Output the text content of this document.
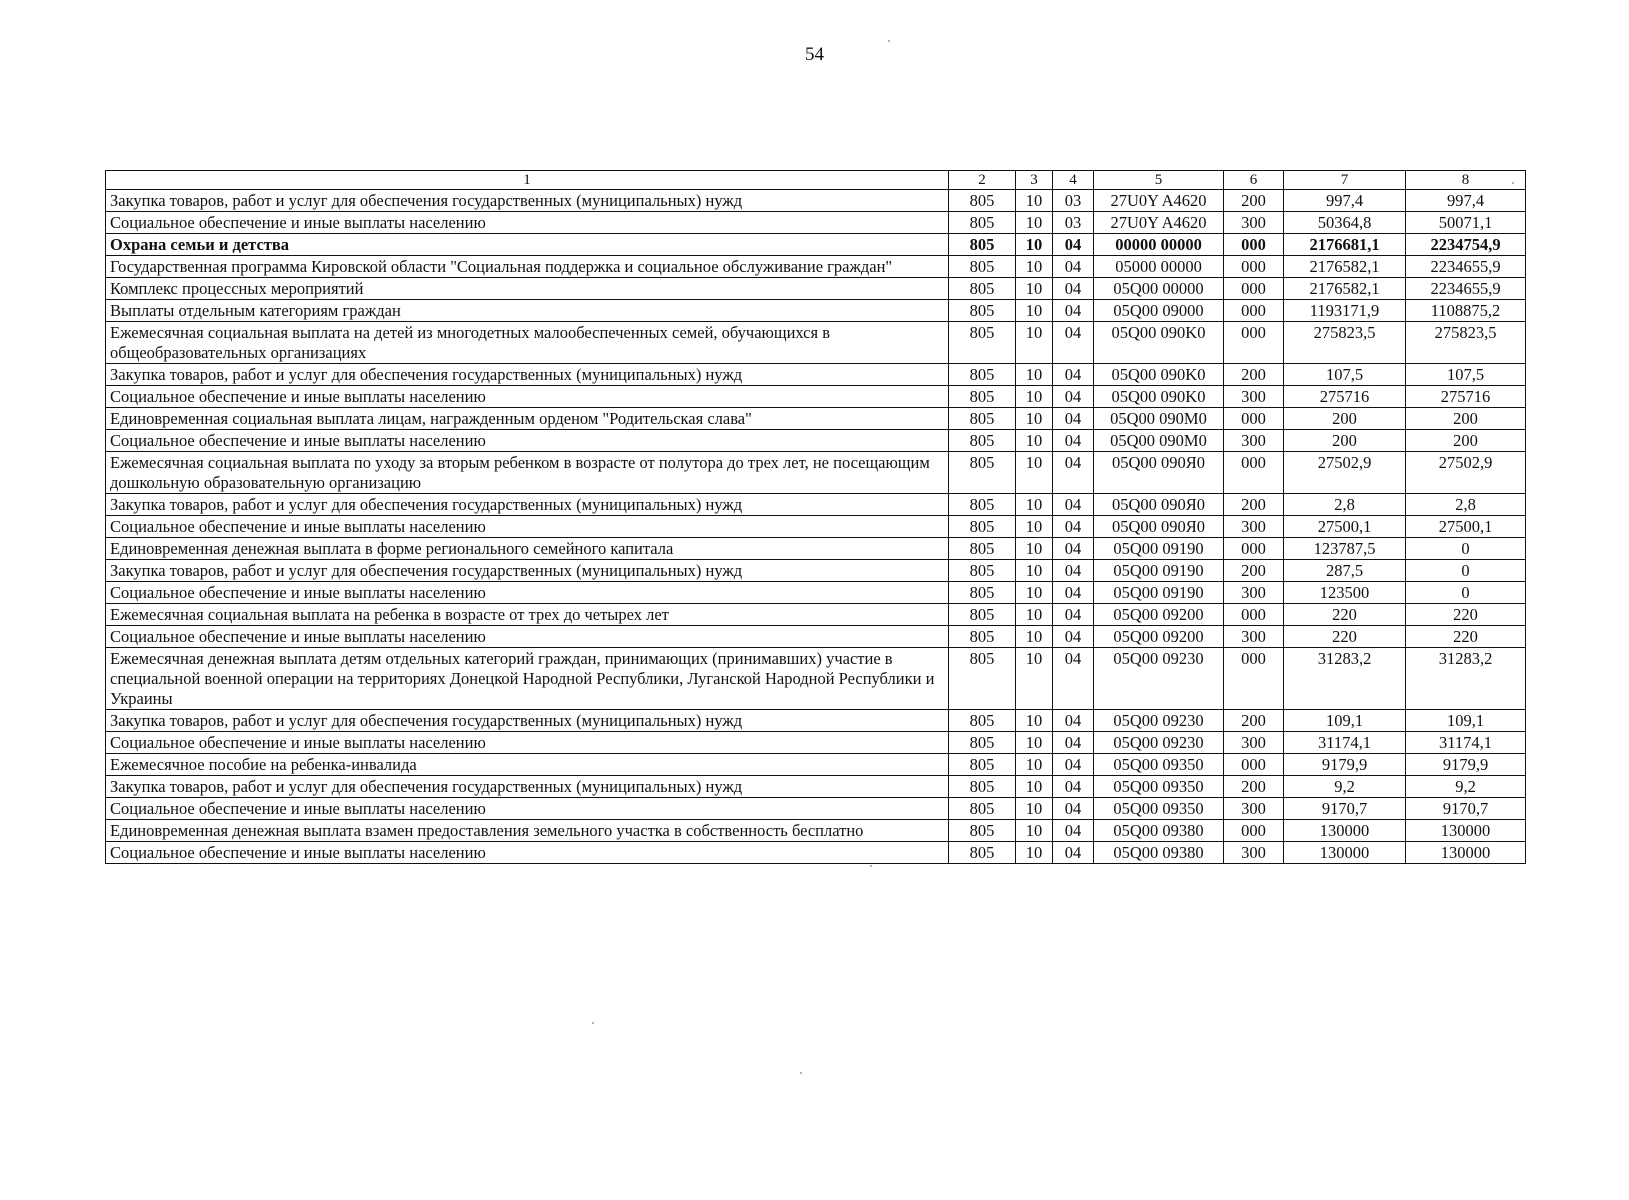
54
1	2	3	4	5	6	7	8
Закупка товаров, работ и услуг для обеспечения государственных (муниципальных) нужд	805	10	03	27U0Y A4620	200	997,4	997,4
Социальное обеспечение и иные выплаты населению	805	10	03	27U0Y A4620	300	50364,8	50071,1
Охрана семьи и детства	805	10	04	00000 00000	000	2176681,1	2234754,9
Государственная программа Кировской области "Социальная поддержка и социальное обслуживание граждан"	805	10	04	05000 00000	000	2176582,1	2234655,9
Комплекс процессных мероприятий	805	10	04	05Q00 00000	000	2176582,1	2234655,9
Выплаты отдельным категориям граждан	805	10	04	05Q00 09000	000	1193171,9	1108875,2
Ежемесячная социальная выплата на детей из многодетных малообеспеченных семей, обучающихся в общеобразовательных организациях	805	10	04	05Q00 090K0	000	275823,5	275823,5
Закупка товаров, работ и услуг для обеспечения государственных (муниципальных) нужд	805	10	04	05Q00 090K0	200	107,5	107,5
Социальное обеспечение и иные выплаты населению	805	10	04	05Q00 090K0	300	275716	275716
Единовременная социальная выплата лицам, награжденным орденом "Родительская слава"	805	10	04	05Q00 090M0	000	200	200
Социальное обеспечение и иные выплаты населению	805	10	04	05Q00 090M0	300	200	200
Ежемесячная социальная выплата по уходу за вторым ребенком в возрасте от полутора до трех лет, не посещающим дошкольную образовательную организацию	805	10	04	05Q00 090Я0	000	27502,9	27502,9
Закупка товаров, работ и услуг для обеспечения государственных (муниципальных) нужд	805	10	04	05Q00 090Я0	200	2,8	2,8
Социальное обеспечение и иные выплаты населению	805	10	04	05Q00 090Я0	300	27500,1	27500,1
Единовременная денежная выплата в форме регионального семейного капитала	805	10	04	05Q00 09190	000	123787,5	0
Закупка товаров, работ и услуг для обеспечения государственных (муниципальных) нужд	805	10	04	05Q00 09190	200	287,5	0
Социальное обеспечение и иные выплаты населению	805	10	04	05Q00 09190	300	123500	0
Ежемесячная социальная выплата на ребенка в возрасте от трех до четырех лет	805	10	04	05Q00 09200	000	220	220
Социальное обеспечение и иные выплаты населению	805	10	04	05Q00 09200	300	220	220
Ежемесячная денежная выплата детям отдельных категорий граждан, принимающих (принимавших) участие в специальной военной операции на территориях Донецкой Народной Республики, Луганской Народной Республики и Украины	805	10	04	05Q00 09230	000	31283,2	31283,2
Закупка товаров, работ и услуг для обеспечения государственных (муниципальных) нужд	805	10	04	05Q00 09230	200	109,1	109,1
Социальное обеспечение и иные выплаты населению	805	10	04	05Q00 09230	300	31174,1	31174,1
Ежемесячное пособие на ребенка-инвалида	805	10	04	05Q00 09350	000	9179,9	9179,9
Закупка товаров, работ и услуг для обеспечения государственных (муниципальных) нужд	805	10	04	05Q00 09350	200	9,2	9,2
Социальное обеспечение и иные выплаты населению	805	10	04	05Q00 09350	300	9170,7	9170,7
Единовременная денежная выплата взамен предоставления земельного участка в собственность бесплатно	805	10	04	05Q00 09380	000	130000	130000
Социальное обеспечение и иные выплаты населению	805	10	04	05Q00 09380	300	130000	130000
